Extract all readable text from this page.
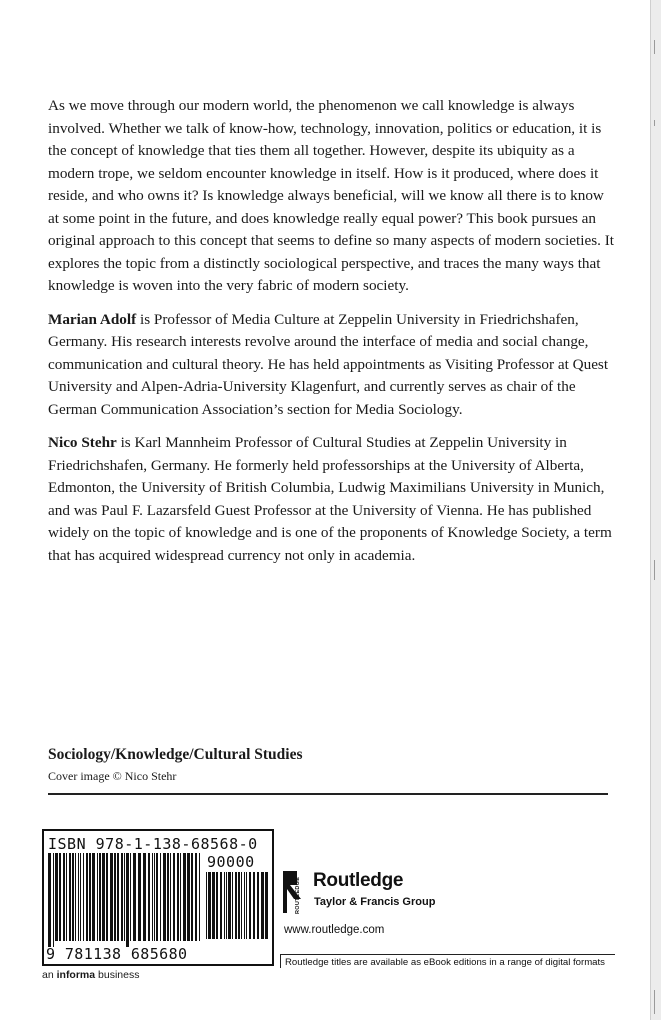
As we move through our modern world, the phenomenon we call knowledge is always involved. Whether we talk of know-how, technology, innovation, politics or education, it is the concept of knowledge that ties them all together. However, despite its ubiquity as a modern trope, we seldom encounter knowledge in itself. How is it produced, where does it reside, and who owns it? Is knowledge always beneficial, will we know all there is to know at some point in the future, and does knowledge really equal power? This book pursues an original approach to this concept that seems to define so many aspects of modern societies. It explores the topic from a distinctly sociological perspective, and traces the many ways that knowledge is woven into the very fabric of modern society.

Marian Adolf is Professor of Media Culture at Zeppelin University in Friedrichshafen, Germany. His research interests revolve around the interface of media and social change, communication and cultural theory. He has held appointments as Visiting Professor at Quest University and Alpen-Adria-University Klagenfurt, and currently serves as chair of the German Communication Association’s section for Media Sociology.

Nico Stehr is Karl Mannheim Professor of Cultural Studies at Zeppelin University in Friedrichshafen, Germany. He formerly held professorships at the University of Alberta, Edmonton, the University of British Columbia, Ludwig Maximilians University in Munich, and was Paul F. Lazarsfeld Guest Professor at the University of Vienna. He has published widely on the topic of knowledge and is one of the proponents of Knowledge Society, a term that has acquired widespread currency not only in academia.

Sociology/Knowledge/Cultural Studies
Cover image © Nico Stehr
ISBN 978-1-138-68568-0
90000
9 781138 685680
an informa business
ROUTLEDGE Routledge
Taylor & Francis Group
www.routledge.com
Routledge titles are available as eBook editions in a range of digital formats
